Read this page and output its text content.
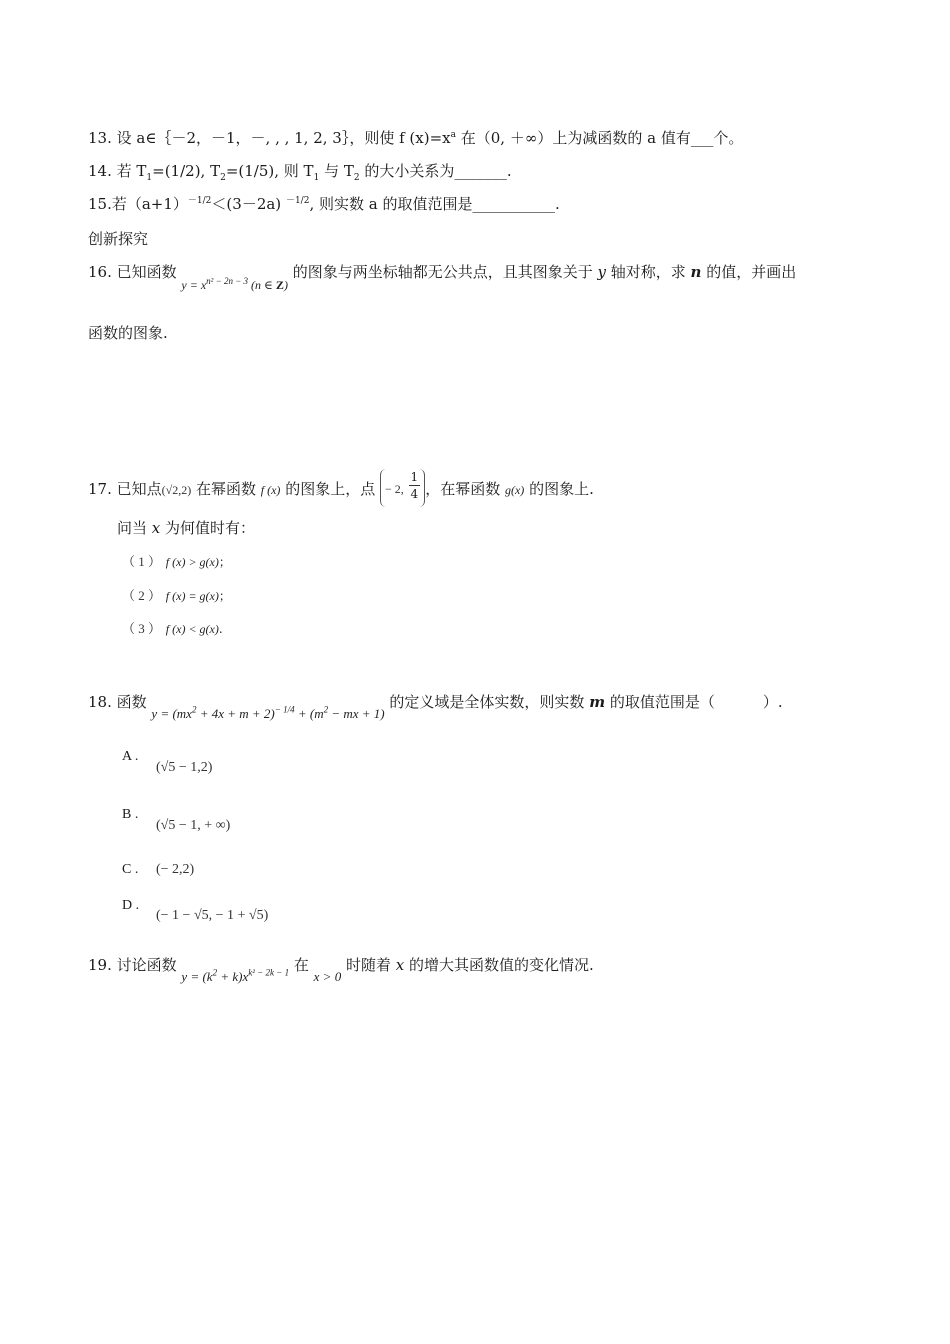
13. 设 a∈｛－2，－1，－, , , 1, 2, 3｝，则使 f $(x)=x^a$ 在（0, ＋∞）上为减函数的 a 值有___个。
14. 若 $T_1=(1/2)$, $T_2=(1/5)$, 则 $T_1$ 与 $T_2$ 的大小关系为_______.
15.若$(a+1)^{-1/2}<(3-2a)$ $^{-1/2}$, 则实数 a 的取值范围是___________.
创新探究
16. 已知函数 $_{y = x^{n^2 - 2n - 3} (n \in Z)}$ 的图象与两坐标轴都无公共点，且其图象关于 y 轴对称，求 n 的值，并画出
函数的图象.
17. 已知点(√2,2) 在幂函数 f (x) 的图象上，点 $_{- 2,} \frac{1}{4}$ ，在幂函数 g(x) 的图象上.
问当 x 为何值时有：
（ 1 ） f (x) > g(x)；
（ 2 ） f (x) = g(x)；
（ 3 ） f (x) < g(x).
18. 函数 $y = (mx^2 + 4x + m + 2)^{- 1/4} + (m^2$ − mx + 1) 的定义域是全体实数，则实数 m 的取值范围是（	）.
A .
(√5 − 1,2)
B .
(√5 − 1, + ∞)
C . (− 2,2)
D .
(− 1 − √5, − 1 + √5)
19. 讨论函数 $y = (k^2 + k)x^{k^2 - 2k - 1}$ 在 x > 0 时随着 x 的增大其函数值的变化情况.
